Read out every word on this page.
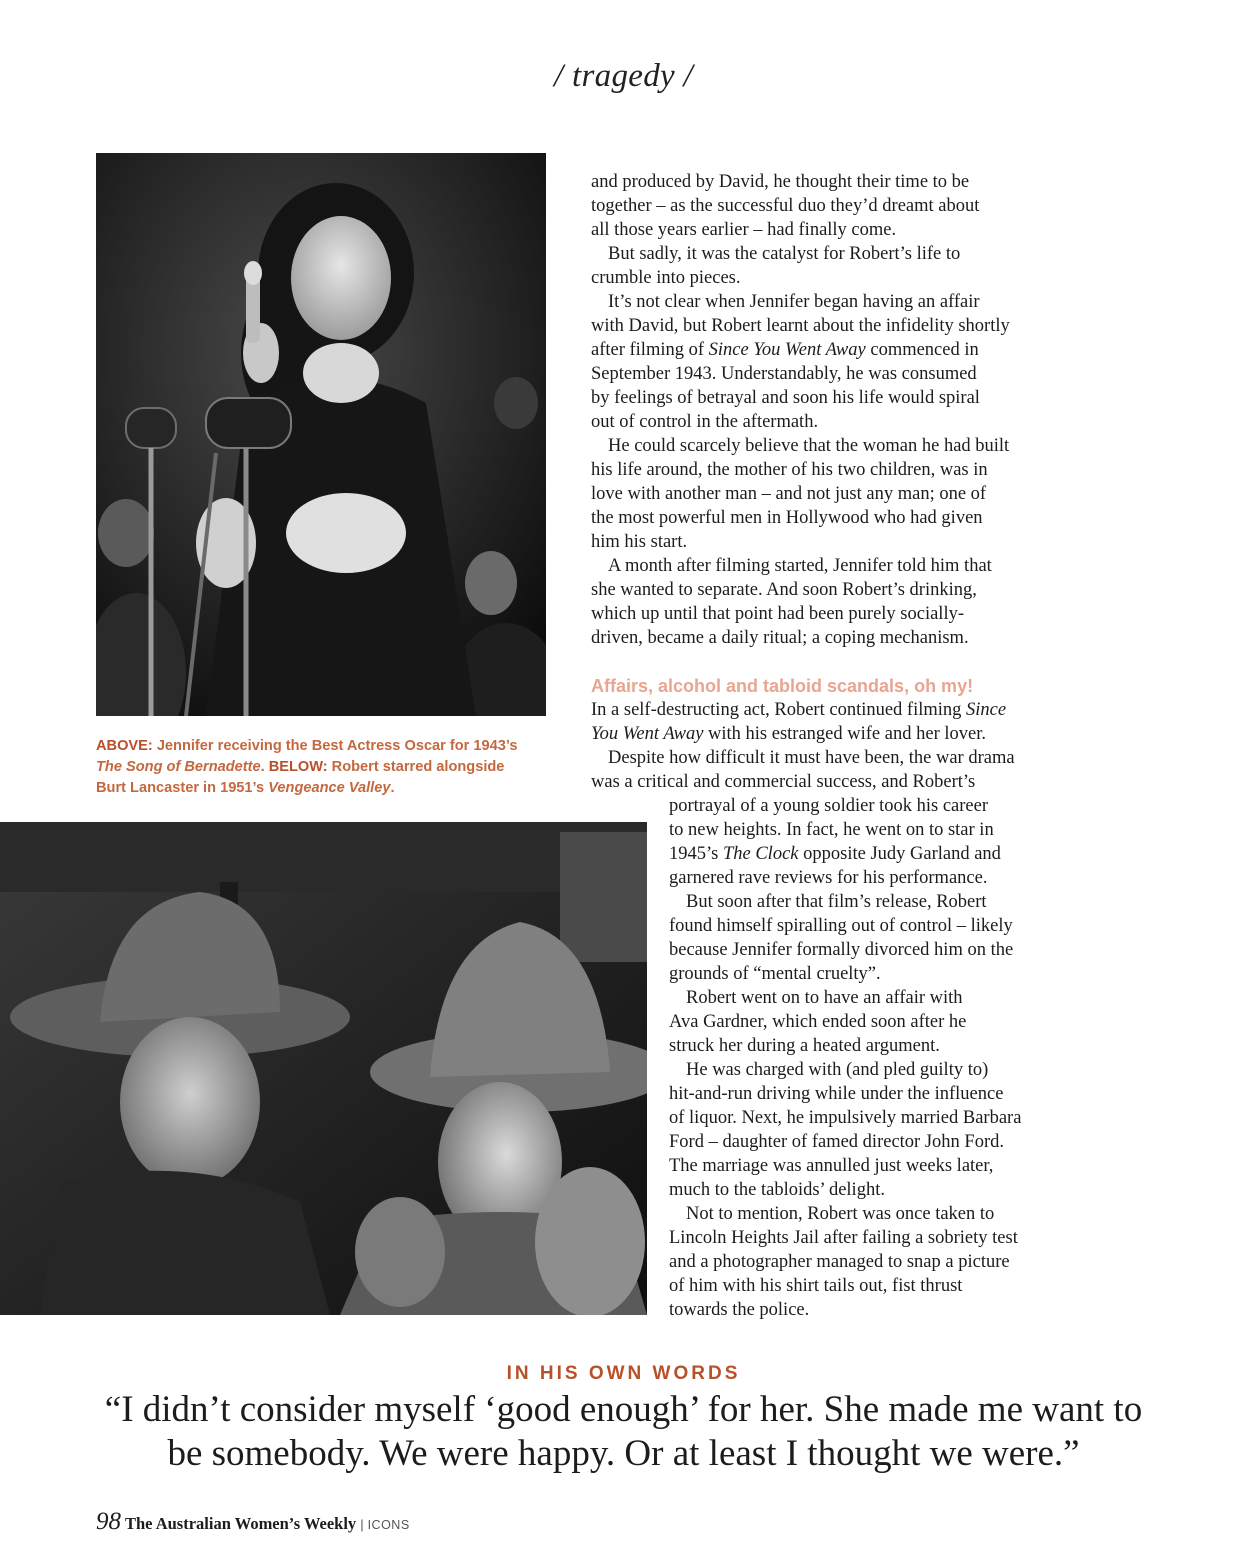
/ tragedy /
ABOVE: Jennifer receiving the Best Actress Oscar for 1943’s The Song of Bernadette. BELOW: Robert starred alongside Burt Lancaster in 1951’s Vengeance Valley.

and produced by David, he thought their time to be
together – as the successful duo they’d dreamt about
all those years earlier – had finally come.

But sadly, it was the catalyst for Robert’s life to
crumble into pieces.

It’s not clear when Jennifer began having an affair
with David, but Robert learnt about the infidelity shortly
after filming of Since You Went Away commenced in
September 1943. Understandably, he was consumed
by feelings of betrayal and soon his life would spiral
out of control in the aftermath.

He could scarcely believe that the woman he had built
his life around, the mother of his two children, was in
love with another man – and not just any man; one of
the most powerful men in Hollywood who had given
him his start.

A month after filming started, Jennifer told him that
she wanted to separate. And soon Robert’s drinking,
which up until that point had been purely socially-
driven, became a daily ritual; a coping mechanism.

Affairs, alcohol and tabloid scandals, oh my!
In a self-destructing act, Robert continued filming Since
You Went Away with his estranged wife and her lover.
Despite how difficult it must have been, the war drama
was a critical and commercial success, and Robert’s
portrayal of a young soldier took his career
to new heights. In fact, he went on to star in
1945’s The Clock opposite Judy Garland and
garnered rave reviews for his performance.
But soon after that film’s release, Robert
found himself spiralling out of control – likely
because Jennifer formally divorced him on the
grounds of “mental cruelty”.
Robert went on to have an affair with
Ava Gardner, which ended soon after he
struck her during a heated argument.
He was charged with (and pled guilty to)
hit-and-run driving while under the influence
of liquor. Next, he impulsively married Barbara
Ford – daughter of famed director John Ford.
The marriage was annulled just weeks later,
much to the tabloids’ delight.
Not to mention, Robert was once taken to
Lincoln Heights Jail after failing a sobriety test
and a photographer managed to snap a picture
of him with his shirt tails out, fist thrust
towards the police.
IN HIS OWN WORDS
“I didn’t consider myself ‘good enough’ for her. She made me want to
be somebody. We were happy. Or at least I thought we were.”
98 The Australian Women’s Weekly | ICONS
